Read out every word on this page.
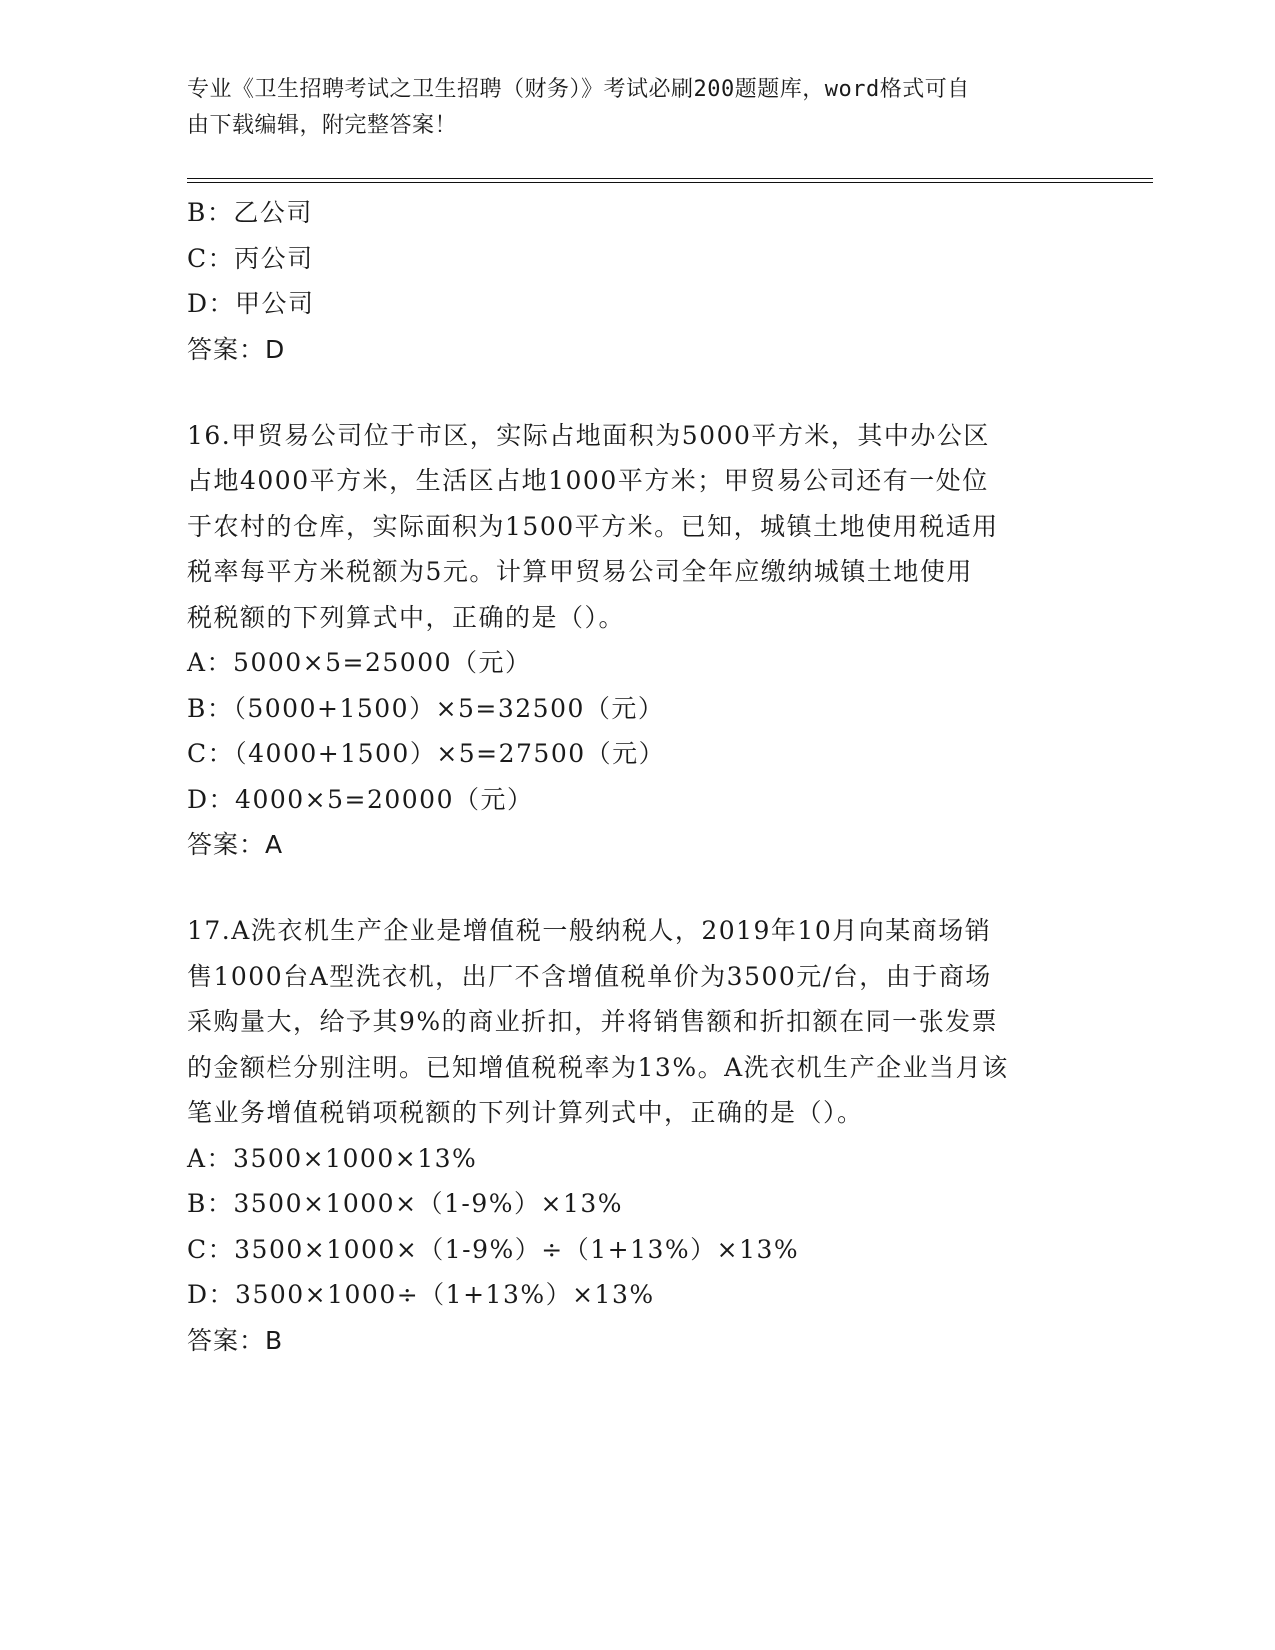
专业《卫生招聘考试之卫生招聘（财务）》考试必刷200题题库，word格式可自
由下载编辑，附完整答案！
B：乙公司
C：丙公司
D：甲公司
答案：D
16.甲贸易公司位于市区，实际占地面积为5000平方米，其中办公区
占地4000平方米，生活区占地1000平方米；甲贸易公司还有一处位
于农村的仓库，实际面积为1500平方米。已知，城镇土地使用税适用
税率每平方米税额为5元。计算甲贸易公司全年应缴纳城镇土地使用
税税额的下列算式中，正确的是（）。
A：5000×5=25000（元）
B：（5000+1500）×5=32500（元）
C：（4000+1500）×5=27500（元）
D：4000×5=20000（元）
答案：A
17.A洗衣机生产企业是增值税一般纳税人，2019年10月向某商场销
售1000台A型洗衣机，出厂不含增值税单价为3500元/台，由于商场
采购量大，给予其9%的商业折扣，并将销售额和折扣额在同一张发票
的金额栏分别注明。已知增值税税率为13%。A洗衣机生产企业当月该
笔业务增值税销项税额的下列计算列式中，正确的是（）。
A：3500×1000×13%
B：3500×1000×（1-9%）×13%
C：3500×1000×（1-9%）÷（1+13%）×13%
D：3500×1000÷（1+13%）×13%
答案：B
